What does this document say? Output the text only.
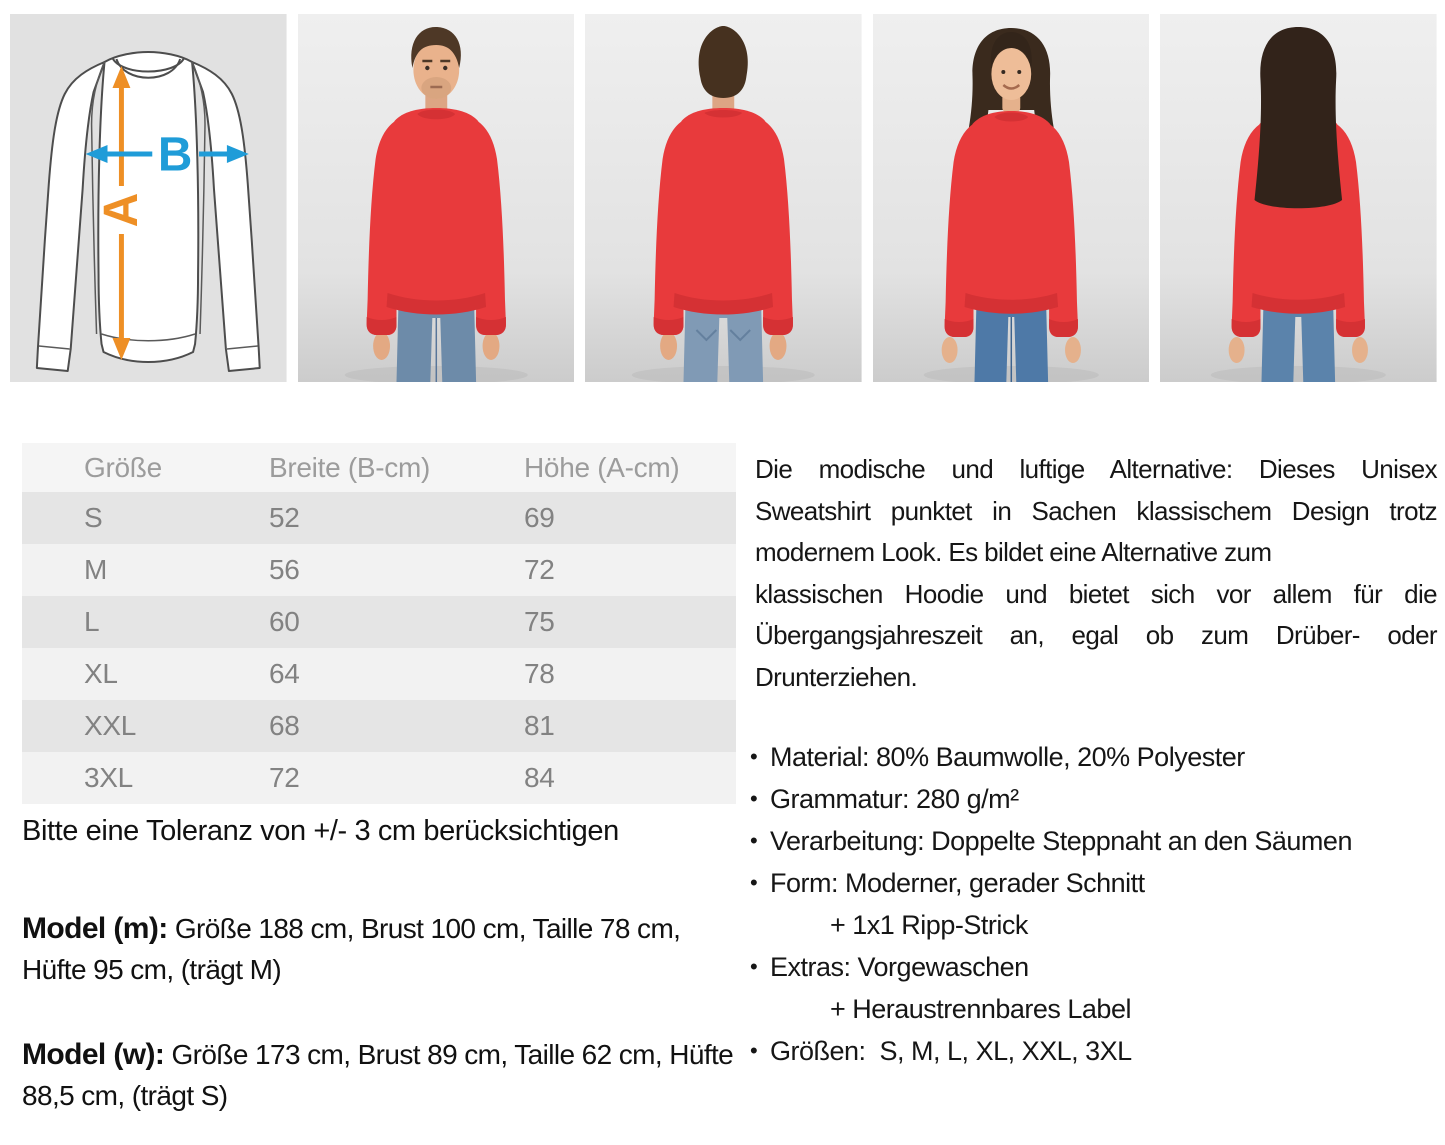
A
B
Größe	Breite (B-cm)	Höhe (A-cm)
S	52	69
M	56	72
L	60	75
XL	64	78
XXL	68	81
3XL	72	84

Bitte eine Toleranz von +/- 3 cm berücksichtigen

Model (m): Größe 188 cm, Brust 100 cm, Taille 78 cm, Hüfte 95 cm, (trägt M)

Model (w): Größe 173 cm, Brust 89 cm, Taille 62 cm, Hüfte 88,5 cm, (trägt S)

Die modische und luftige Alternative: Dieses Unisex
Sweatshirt punktet in Sachen klassischem Design trotz
modernem Look. Es bildet eine Alternative zum
klassischen Hoodie und bietet sich vor allem für die
Übergangsjahreszeit an, egal ob zum Drüber- oder
Drunterziehen.
• Material: 80% Baumwolle, 20% Polyester
• Grammatur: 280 g/m²
• Verarbeitung: Doppelte Steppnaht an den Säumen
• Form: Moderner, gerader Schnitt
+ 1x1 Ripp-Strick
• Extras: Vorgewaschen
+ Heraustrennbares Label
• Größen:  S, M, L, XL, XXL, 3XL
